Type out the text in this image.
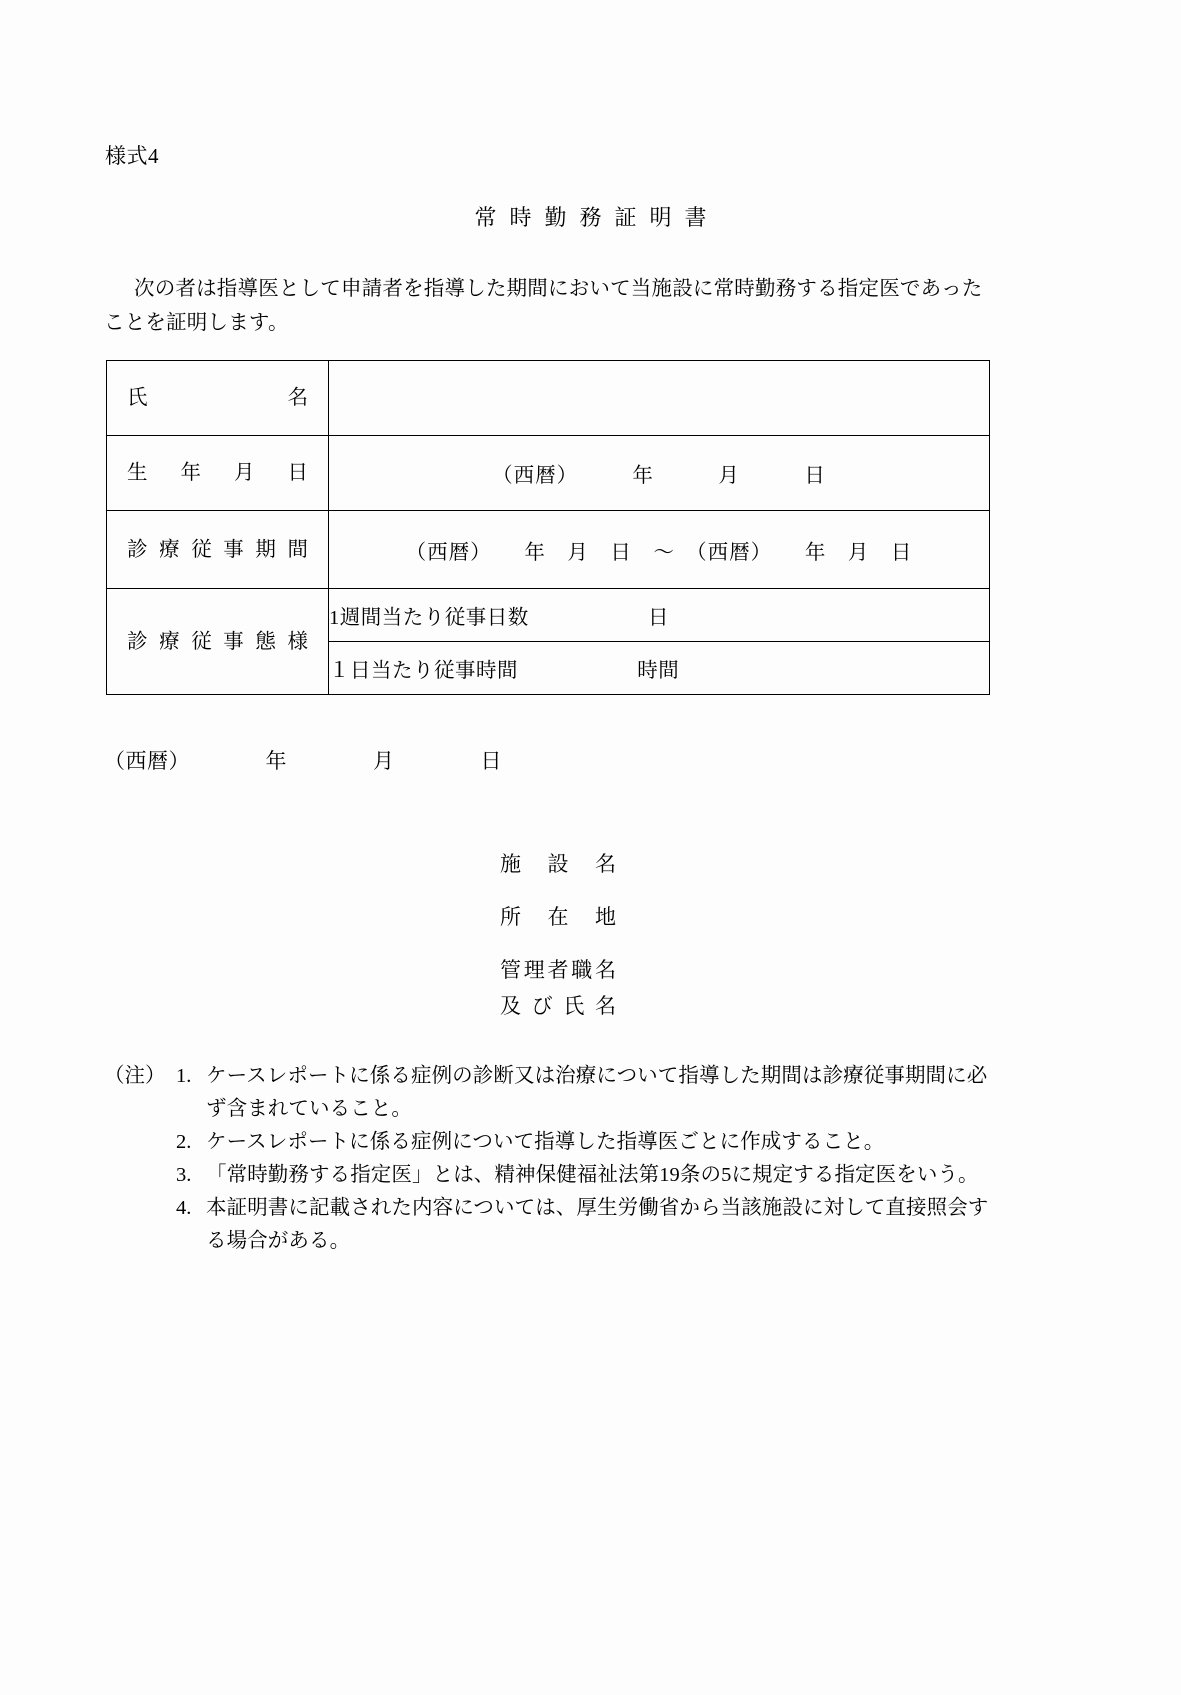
様式4
常時勤務証明書
次の者は指導医として申請者を指導した期間において当施設に常時勤務する指定医であったことを証明します。
氏名	

生年月日	（西暦）　　　年　　　月　　　日

診療従事期間	（西暦）　　年　月　日　～　（西暦）　　年　月　日

診療従事態様	1週間当たり従事日数 日
	１日当たり従事時間 時間
（西暦）　　　　年　　　　月　　　　日
施設名
所在地
管理者職名
及び氏名
（注） 1. ケースレポートに係る症例の診断又は治療について指導した期間は診療従事期間に必ず含まれていること。
2. ケースレポートに係る症例について指導した指導医ごとに作成すること。
3. 「常時勤務する指定医」とは、精神保健福祉法第19条の5に規定する指定医をいう。
4. 本証明書に記載された内容については、厚生労働省から当該施設に対して直接照会する場合がある。
